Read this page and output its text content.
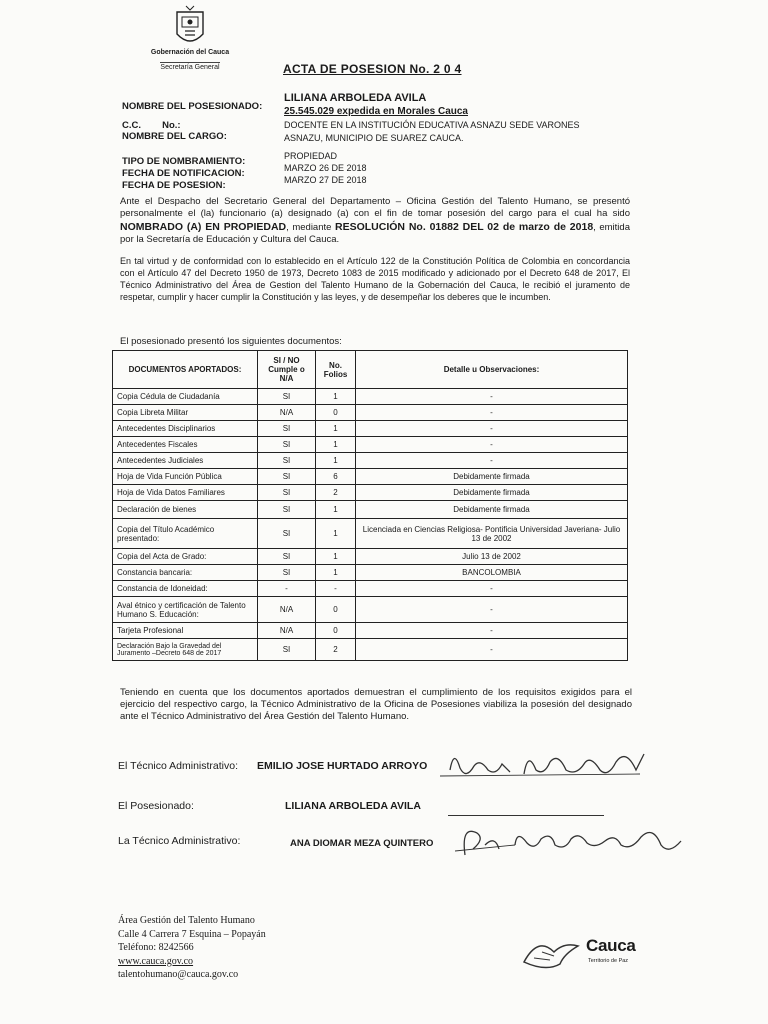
Gobernación del Cauca
Secretaría General	ACTA DE POSESION No. 2 0 4
NOMBRE DEL POSESIONADO:
LILIANA ARBOLEDA AVILA
C.C.        No.:
25.545.029 expedida en Morales Cauca
NOMBRE DEL CARGO:
DOCENTE EN LA INSTITUCIÓN EDUCATIVA ASNAZU SEDE VARONES
ASNAZU, MUNICIPIO DE SUAREZ CAUCA.
TIPO DE NOMBRAMIENTO:	PROPIEDAD
FECHA DE NOTIFICACION:	MARZO 26 DE 2018
FECHA DE POSESION:	MARZO 27 DE 2018
Ante el Despacho del Secretario General del Departamento – Oficina Gestión del Talento Humano, se presentó personalmente el (la) funcionario (a) designado (a) con el fin de tomar posesión del cargo para el cual ha sido NOMBRADO (A) EN PROPIEDAD, mediante RESOLUCIÓN No. 01882 DEL 02 de marzo de 2018, emitida por la Secretaría de Educación y Cultura del Cauca.
En tal virtud y de conformidad con lo establecido en el Artículo 122 de la Constitución Política de Colombia en concordancia con el Artículo 47 del Decreto 1950 de 1973, Decreto 1083 de 2015 modificado y adicionado por el Decreto 648 de 2017, El Técnico Administrativo del Área de Gestion del Talento Humano de la Gobernación del Cauca, le recibió el juramento de respetar, cumplir y hacer cumplir la Constitución y las leyes, y de desempeñar los deberes que le incumben.
El posesionado presentó los siguientes documentos:
DOCUMENTOS APORTADOS:	SI / NO Cumple o N/A	No. Folios	Detalle u Observaciones:
Copia Cédula de Ciudadanía	SI	1	-
Copia Libreta Militar	N/A	0	-
Antecedentes Disciplinarios	SI	1	-
Antecedentes Fiscales	SI	1	-
Antecedentes Judiciales	SI	1	-
Hoja de Vida Función Pública	SI	6	Debidamente firmada
Hoja de Vida Datos Familiares	SI	2	Debidamente firmada
Declaración de bienes	SI	1	Debidamente firmada
Copia del Título Académico presentado:	SI	1	Licenciada en Ciencias Religiosa- Pontificia Universidad Javeriana- Julio 13 de 2002
Copia del Acta de Grado:	SI	1	Julio 13 de 2002
Constancia bancaria:	SI	1	BANCOLOMBIA
Constancia de Idoneidad:	-	-	-
Aval étnico y certificación de Talento Humano S. Educación:	N/A	0	-
Tarjeta Profesional	N/A	0	-
Declaración Bajo la Gravedad del Juramento –Decreto 648 de 2017	SI	2	-
Teniendo en cuenta que los documentos aportados demuestran el cumplimiento de los requisitos exigidos para el ejercicio del respectivo cargo, la Técnico Administrativo de la Oficina de Posesiones viabiliza la posesión del designado ante el Técnico Administrativo del Área Gestión del Talento Humano.
El Técnico Administrativo: EMILIO JOSE HURTADO ARROYO
El Posesionado:	LILIANA ARBOLEDA AVILA
La Técnico Administrativo:	ANA DIOMAR MEZA QUINTERO
Área Gestión del Talento Humano
Calle 4 Carrera 7 Esquina – Popayán
Teléfono: 8242566
www.cauca.gov.co
talentohumano@cauca.gov.co
Cauca
Territorio de Paz
